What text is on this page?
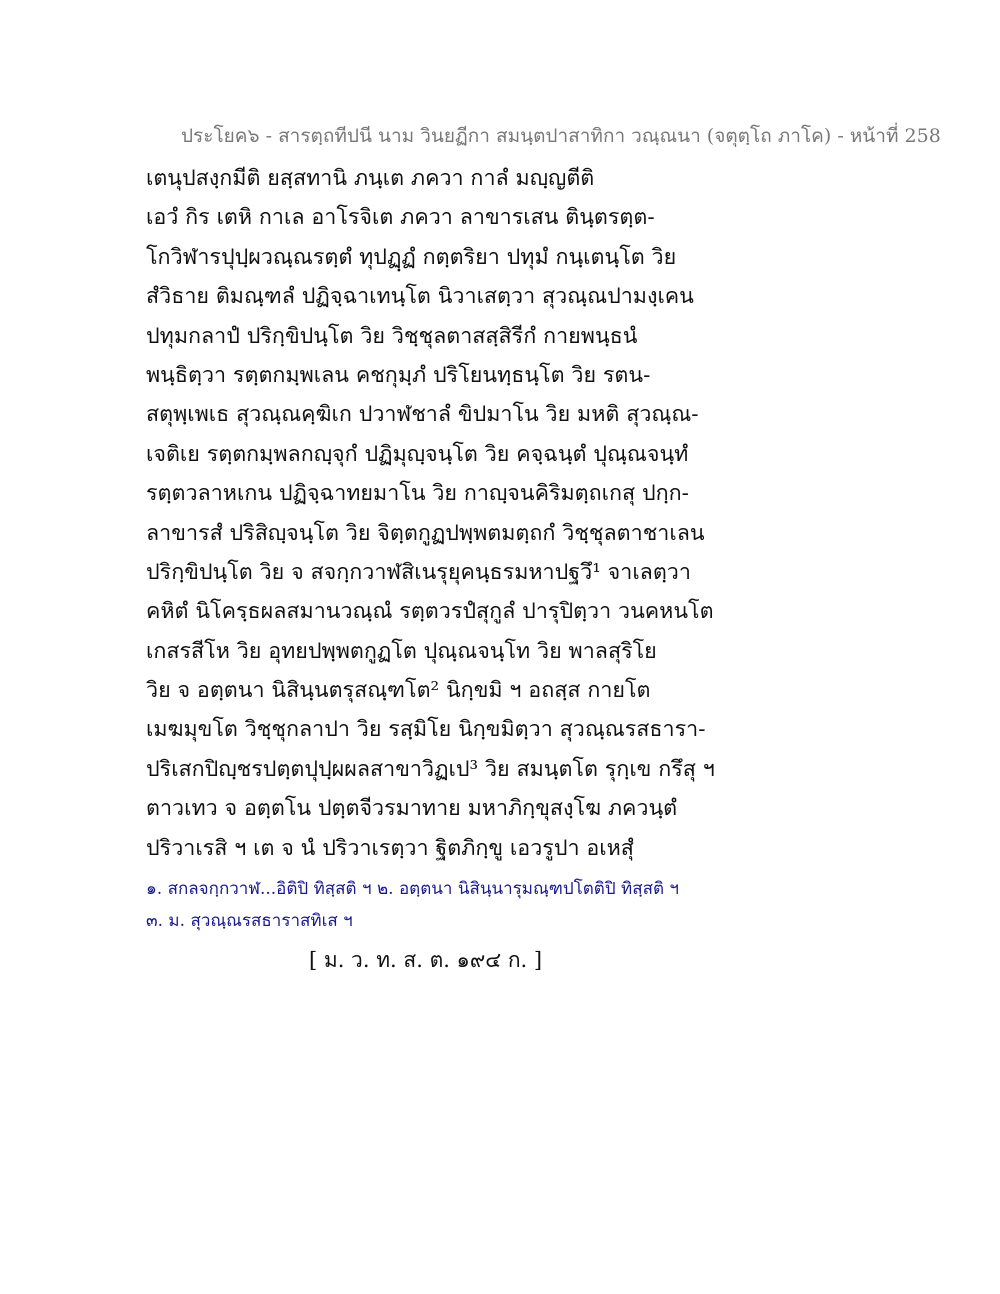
ประโยค๖ - สารตฺถทีปนี นาม วินยฏีกา สมนฺตปาสาทิกา วณฺณนา (จตุตฺโถ ภาโค) - หน้าที่ 258
เตนุปสงฺกมีติ ยสฺสทานิ ภนฺเต ภควา กาลํ มญฺญตีติ
เอวํ กิร เตหิ กาเล อาโรจิเต ภควา ลาขารเสน ตินฺตรตฺต-
โกวิฬารปุปฺผวณฺณรตฺตํ ทุปฏฺฏํ กตฺตริยา ปทุมํ กนฺเตนฺโต วิย
สํวิธาย ติมณฺฑลํ ปฏิจฺฉาเทนฺโต นิวาเสตฺวา สุวณฺณปามงฺเคน
ปทุมกลาปํ ปริกฺขิปนฺโต วิย วิชฺชุลตาสสฺสิรีกํ กายพนฺธนํ
พนฺธิตฺวา รตฺตกมฺพเลน คชกุมฺภํ ปริโยนทฺธนฺโต วิย รตน-
สตุพฺเพเธ สุวณฺณคฺฆิเก ปวาฬชาลํ ขิปมาโน วิย มหติ สุวณฺณ-
เจติเย รตฺตกมฺพลกญฺจุกํ ปฏิมุญฺจนฺโต วิย คจฺฉนฺตํ ปุณฺณจนฺทํ
รตฺตวลาหเกน ปฏิจฺฉาทยมาโน วิย กาญฺจนคิริมตฺถเกสุ ปกฺก-
ลาขารสํ ปริสิญฺจนฺโต วิย จิตฺตกูฏปพฺพตมตฺถกํ วิชฺชุลตาชาเลน
ปริกฺขิปนฺโต วิย จ สจกฺกวาฬสิเนรุยุคนฺธรมหาปฐวึ¹ จาเลตฺวา
คหิตํ นิโครฺธผลสมานวณฺณํ รตฺตวรปํสุกูลํ ปารุปิตฺวา วนคหนโต
เกสรสีโห วิย อุทยปพฺพตกูฏโต ปุณฺณจนฺโท วิย พาลสุริโย
วิย จ อตฺตนา นิสินฺนตรุสณฺฑโต² นิกฺขมิ ฯ อถสฺส กายโต
เมฆมุขโต วิชฺชุกลาปา วิย รสฺมิโย นิกฺขมิตฺวา สุวณฺณรสธารา-
ปริเสกปิญฺชรปตฺตปุปฺผผลสาขาวิฏเป³ วิย สมนฺตโต รุกฺเข กรึสุ ฯ
ตาวเทว จ อตฺตโน ปตฺตจีวรมาทาย มหาภิกฺขุสงฺโฆ ภควนฺตํ
ปริวาเรสิ ฯ เต จ นํ ปริวาเรตฺวา ฐิตภิกฺขู เอวรูปา อเหสุํ
๑. สกลจกฺกวาฬ...อิติปิ ทิสฺสติ ฯ ๒. อตฺตนา นิสินฺนารุมณฺฑปโตติปิ ทิสฺสติ ฯ
๓. ม. สุวณฺณรสธาราสทิเส ฯ
[ ม. ว. ท. ส. ต. ๑๙๔ ก. ]
